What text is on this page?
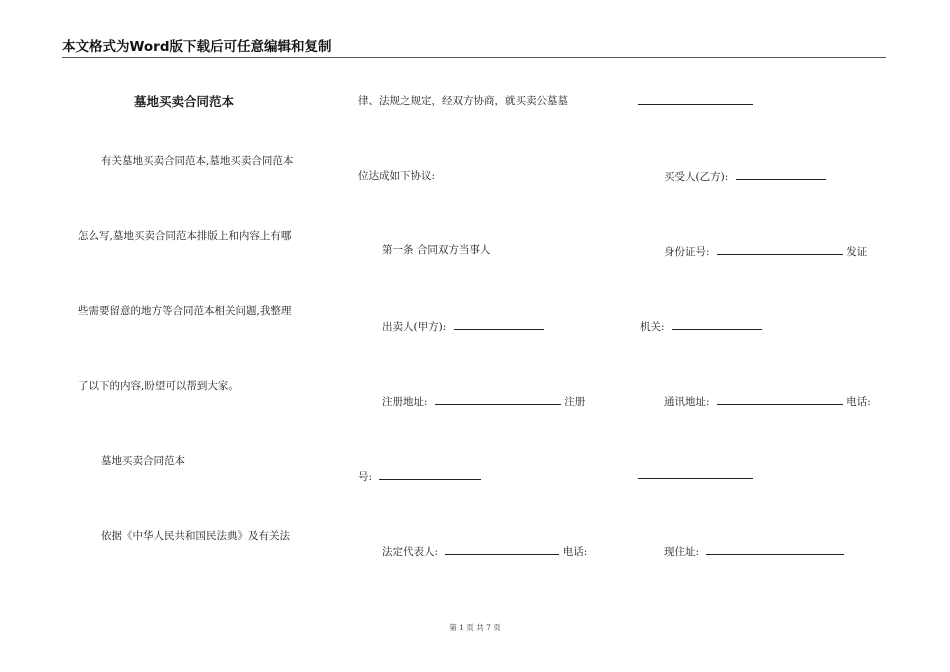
本文格式为Word版下载后可任意编辑和复制
墓地买卖合同范本
有关墓地买卖合同范本,墓地买卖合同范本
怎么写,墓地买卖合同范本排版上和内容上有哪
些需要留意的地方等合同范本相关问题,我整理
了以下的内容,盼望可以帮到大家。
墓地买卖合同范本
依据《中华人民共和国民法典》及有关法
律、法规之规定，经双方协商，就买卖公墓墓
位达成如下协议:
第一条 合同双方当事人
出卖人(甲方):
注册地址:	注册
号:
法定代表人:	电话:
买受人(乙方):
身份证号:	发证
机关:
通讯地址:	电话:
现住址:
第 1 页 共 7 页
